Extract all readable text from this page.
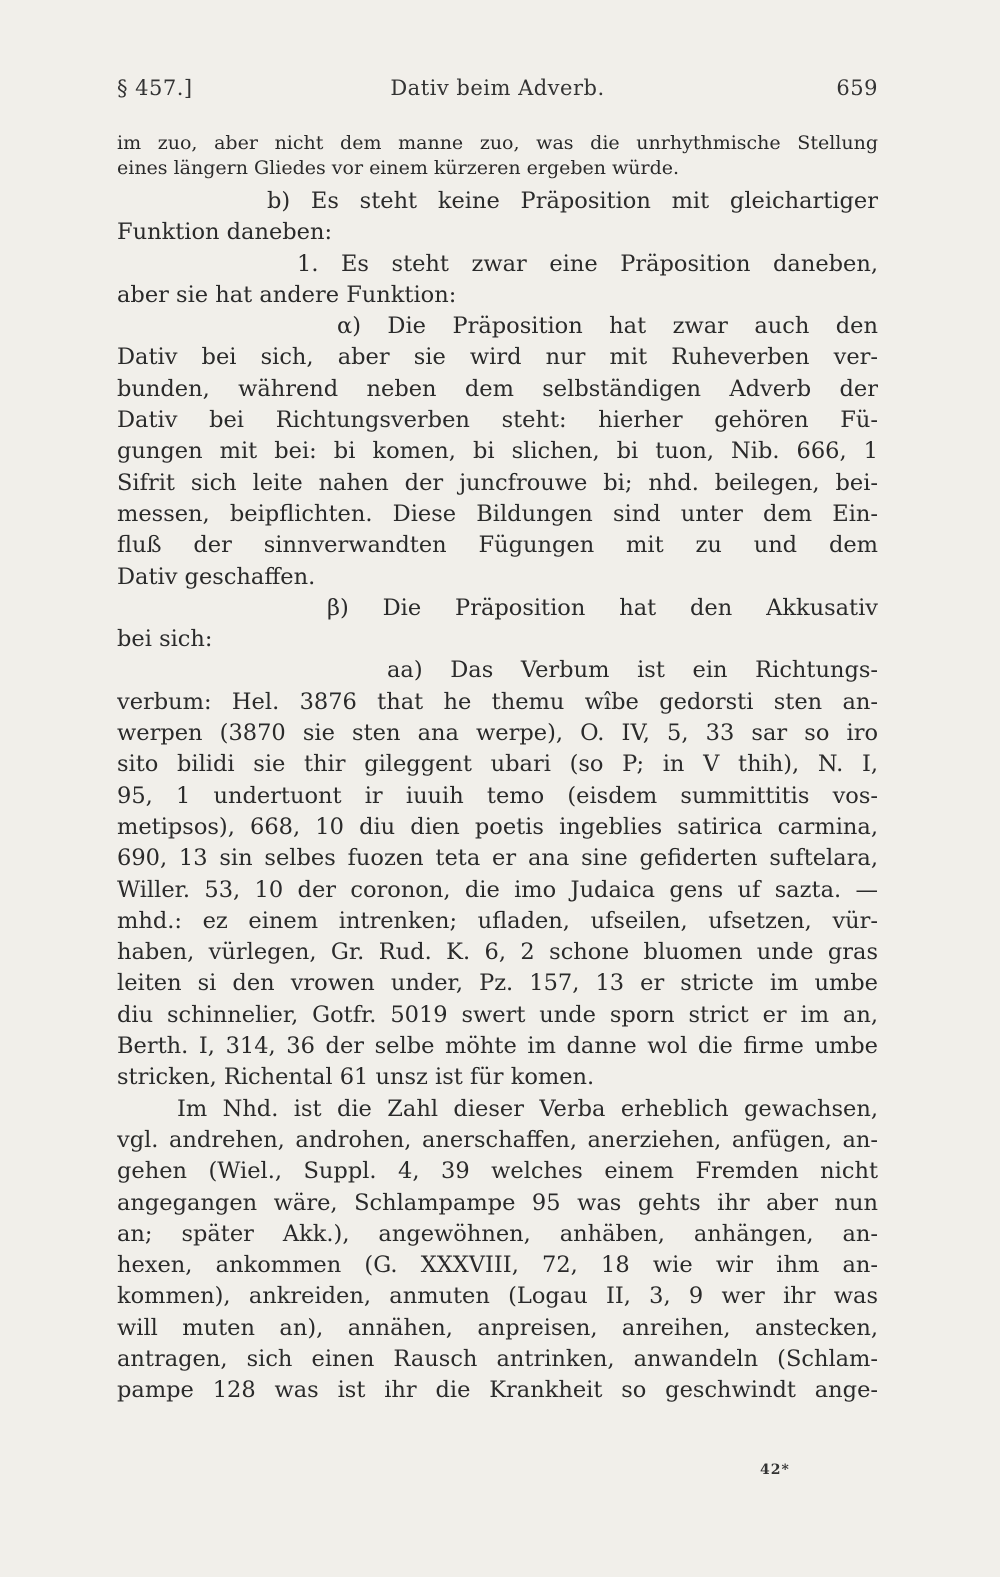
§ 457.]	Dativ beim Adverb.	659
im zuo, aber nicht dem manne zuo, was die unrhythmische Stellung
eines längern Gliedes vor einem kürzeren ergeben würde.
b) Es steht keine Präposition mit gleichartiger
Funktion daneben:
1. Es steht zwar eine Präposition daneben,
aber sie hat andere Funktion:
α) Die Präposition hat zwar auch den
Dativ bei sich, aber sie wird nur mit Ruheverben ver-
bunden, während neben dem selbständigen Adverb der
Dativ bei Richtungsverben steht: hierher gehören Fü-
gungen mit bei: bi komen, bi slichen, bi tuon, Nib. 666, 1
Sifrit sich leite nahen der juncfrouwe bi; nhd. beilegen, bei-
messen, beipflichten. Diese Bildungen sind unter dem Ein-
fluß der sinnverwandten Fügungen mit zu und dem
Dativ geschaffen.
β) Die Präposition hat den Akkusativ
bei sich:
aa) Das Verbum ist ein Richtungs-
verbum: Hel. 3876 that he themu wîbe gedorsti sten an-
werpen (3870 sie sten ana werpe), O. IV, 5, 33 sar so iro
sito bilidi sie thir gileggent ubari (so P; in V thih), N. I,
95, 1 undertuont ir iuuih temo (eisdem summittitis vos-
metipsos), 668, 10 diu dien poetis ingeblies satirica carmina,
690, 13 sin selbes fuozen teta er ana sine gefiderten suftelara,
Willer. 53, 10 der coronon, die imo Judaica gens uf sazta. —
mhd.: ez einem intrenken; ufladen, ufseilen, ufsetzen, vür-
haben, vürlegen, Gr. Rud. K. 6, 2 schone bluomen unde gras
leiten si den vrowen under, Pz. 157, 13 er stricte im umbe
diu schinnelier, Gotfr. 5019 swert unde sporn strict er im an,
Berth. I, 314, 36 der selbe möhte im danne wol die firme umbe
stricken, Richental 61 unsz ist für komen.
Im Nhd. ist die Zahl dieser Verba erheblich gewachsen,
vgl. andrehen, androhen, anerschaffen, anerziehen, anfügen, an-
gehen (Wiel., Suppl. 4, 39 welches einem Fremden nicht
angegangen wäre, Schlampampe 95 was gehts ihr aber nun
an; später Akk.), angewöhnen, anhäben, anhängen, an-
hexen, ankommen (G. XXXVIII, 72, 18 wie wir ihm an-
kommen), ankreiden, anmuten (Logau II, 3, 9 wer ihr was
will muten an), annähen, anpreisen, anreihen, anstecken,
antragen, sich einen Rausch antrinken, anwandeln (Schlam-
pampe 128 was ist ihr die Krankheit so geschwindt ange-
42*
